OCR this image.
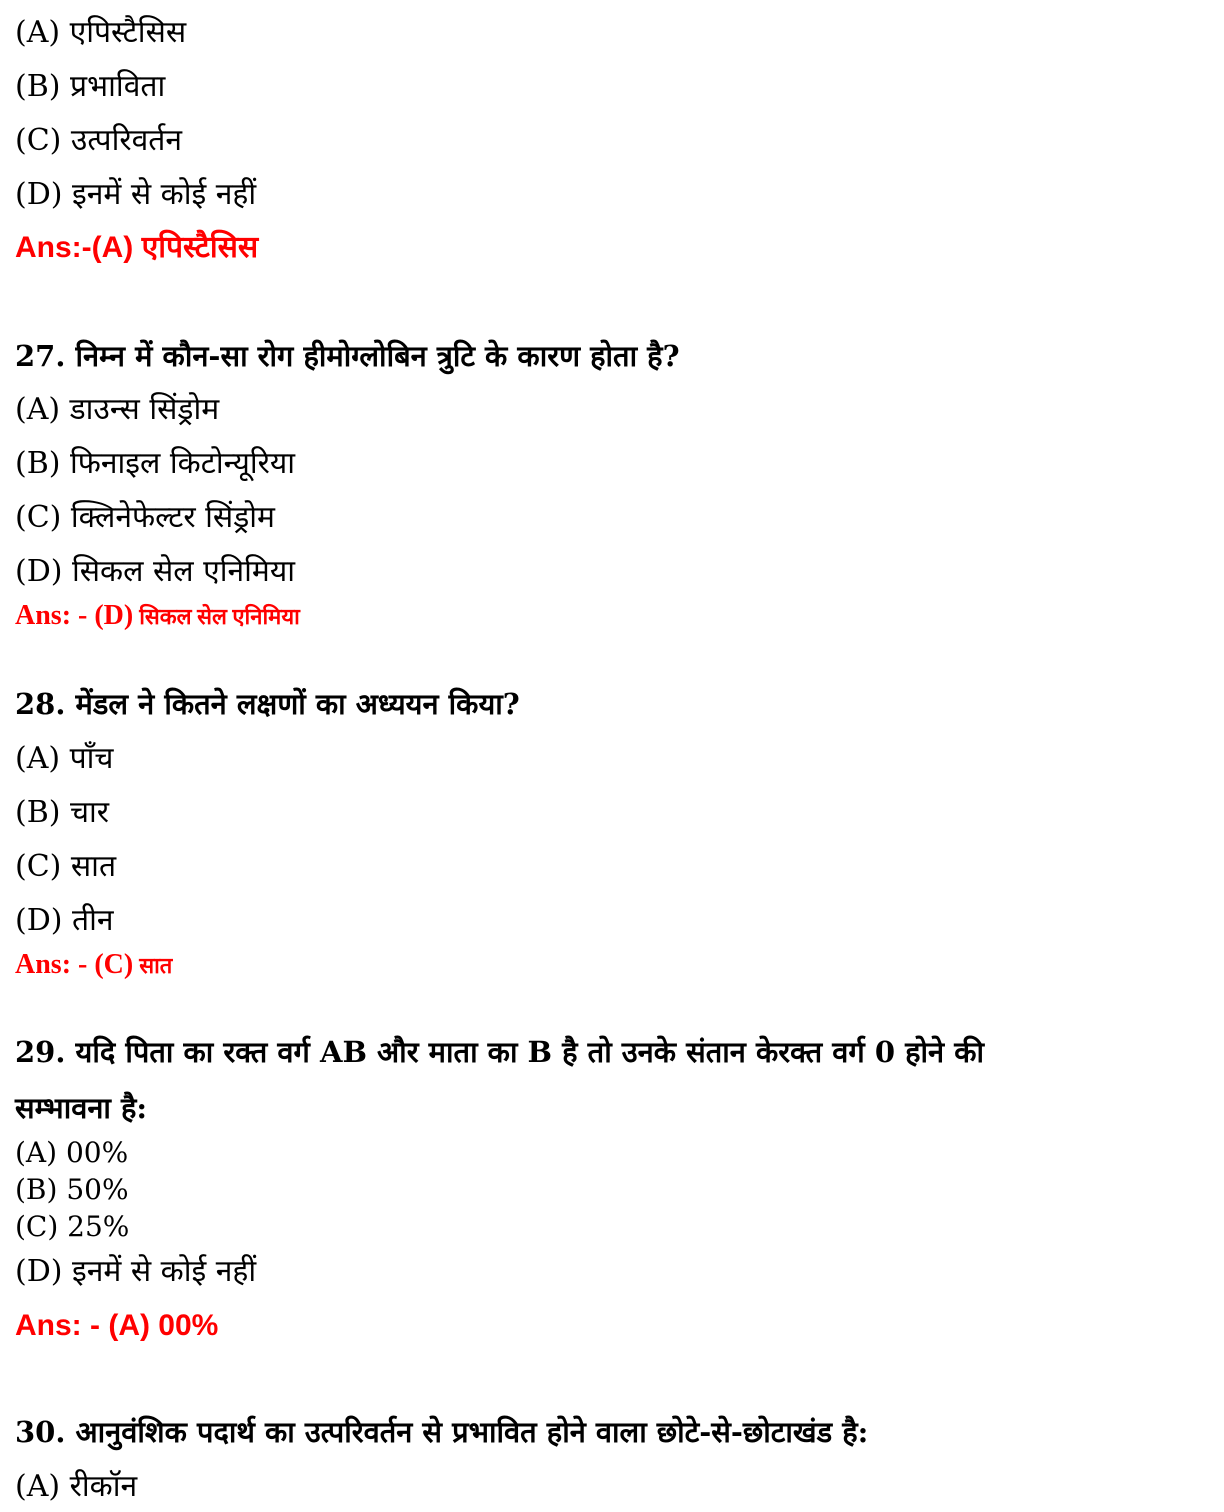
(A) एपिस्टैसिस
(B) प्रभाविता
(C) उत्परिवर्तन
(D) इनमें से कोई नहीं
Ans:-(A) एपिस्टैसिस
27. निम्न में कौन-सा रोग हीमोग्लोबिन त्रुटि के कारण होता है?
(A) डाउन्स सिंड्रोम
(B) फिनाइल किटोन्यूरिया
(C) क्लिनेफेल्टर सिंड्रोम
(D) सिकल सेल एनिमिया
Ans: - (D) सिकल सेल एनिमिया
28. मेंडल ने कितने लक्षणों का अध्ययन किया?
(A) पाँच
(B) चार
(C) सात
(D) तीन
Ans: - (C) सात
29. यदि पिता का रक्त वर्ग AB और माता का B है तो उनके संतान केरक्त वर्ग 0 होने की
सम्भावना है:
(A) 00%
(B) 50%
(C) 25%
(D) इनमें से कोई नहीं
Ans: - (A) 00%
30. आनुवंशिक पदार्थ का उत्परिवर्तन से प्रभावित होने वाला छोटे-से-छोटाखंड है:
(A) रीकॉन
